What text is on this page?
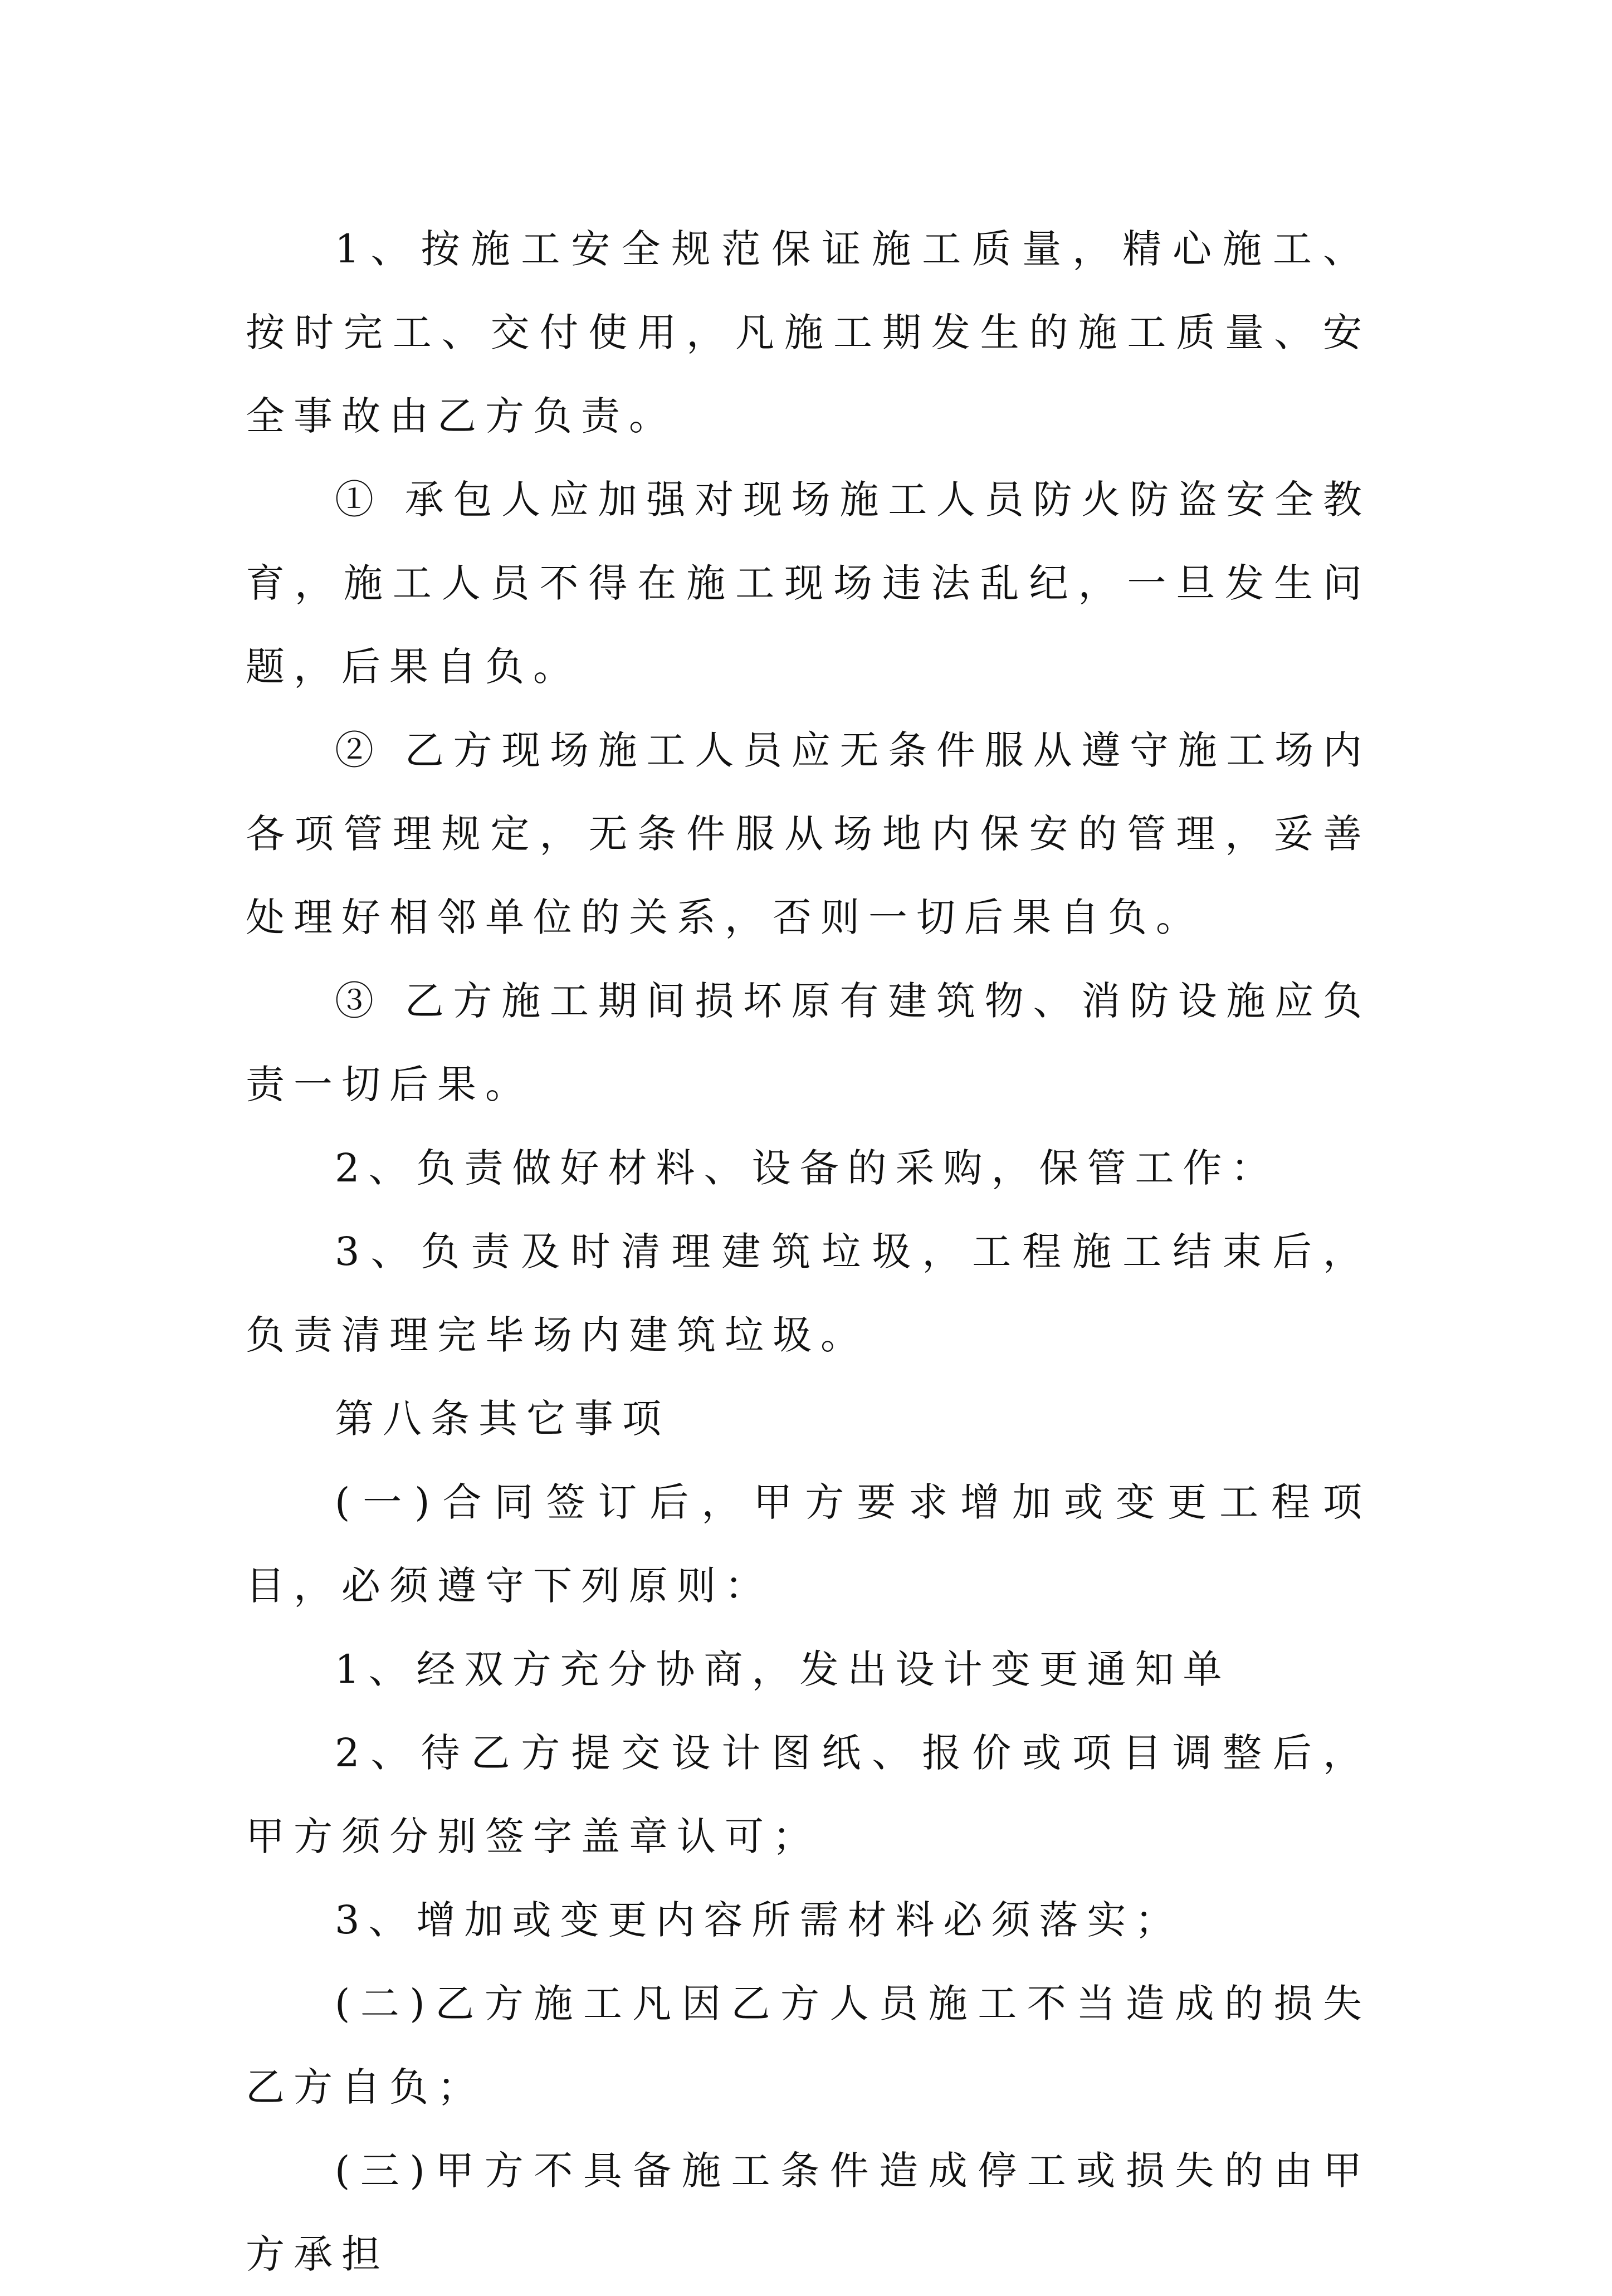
1、按施工安全规范保证施工质量，精心施工、按时完工、交付使用，凡施工期发生的施工质量、安全事故由乙方负责。

① 承包人应加强对现场施工人员防火防盗安全教育，施工人员不得在施工现场违法乱纪，一旦发生问题，后果自负。

② 乙方现场施工人员应无条件服从遵守施工场内各项管理规定，无条件服从场地内保安的管理，妥善处理好相邻单位的关系，否则一切后果自负。

③ 乙方施工期间损坏原有建筑物、消防设施应负责一切后果。

2、负责做好材料、设备的采购，保管工作：

3、负责及时清理建筑垃圾，工程施工结束后，负责清理完毕场内建筑垃圾。

第八条其它事项

(一)合同签订后，甲方要求增加或变更工程项目，必须遵守下列原则：

1、经双方充分协商，发出设计变更通知单

2、待乙方提交设计图纸、报价或项目调整后，甲方须分别签字盖章认可；

3、增加或变更内容所需材料必须落实；

(二)乙方施工凡因乙方人员施工不当造成的损失乙方自负；

(三)甲方不具备施工条件造成停工或损失的由甲方承担
